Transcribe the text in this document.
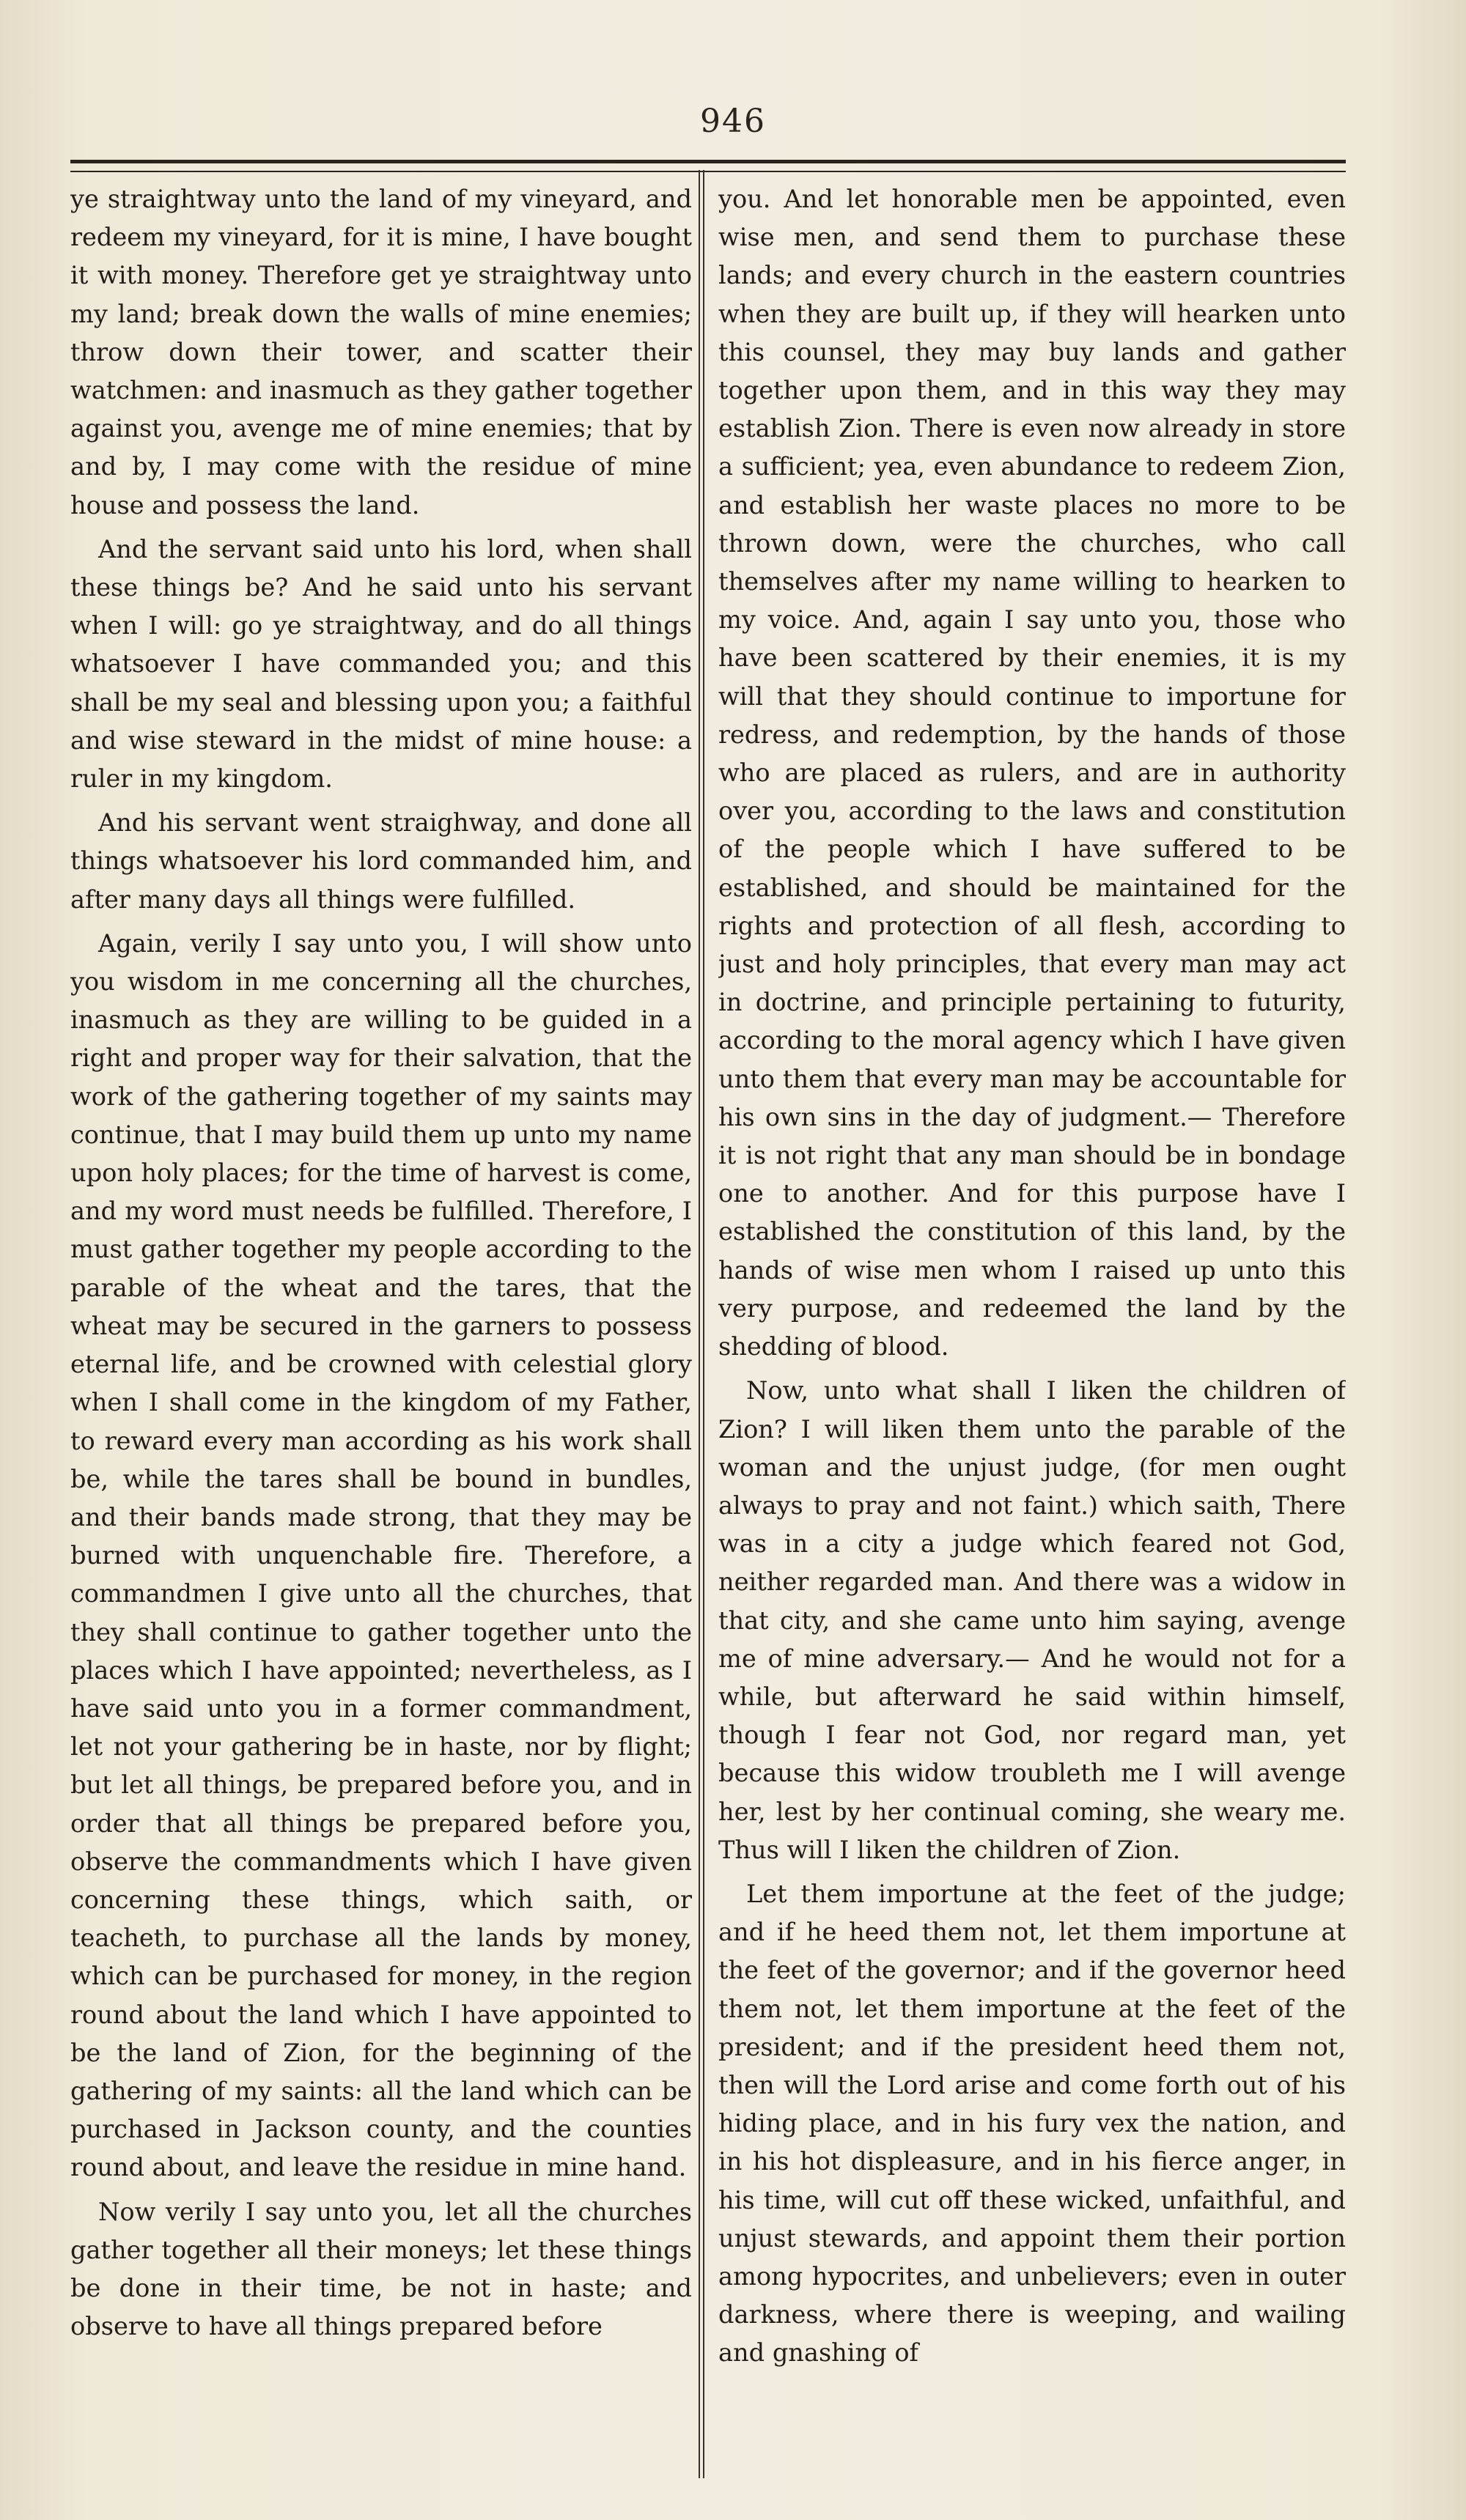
946

ye straightway unto the land of my vineyard, and redeem my vineyard, for it is mine, I have bought it with money. Therefore get ye straightway unto my land; break down the walls of mine enemies; throw down their tower, and scatter their watchmen: and inasmuch as they gather together against you, avenge me of mine enemies; that by and by, I may come with the residue of mine house and possess the land.

And the servant said unto his lord, when shall these things be? And he said unto his servant when I will: go ye straightway, and do all things whatsoever I have commanded you; and this shall be my seal and blessing upon you; a faithful and wise steward in the midst of mine house: a ruler in my kingdom.

And his servant went straighway, and done all things whatsoever his lord commanded him, and after many days all things were fulfilled.

Again, verily I say unto you, I will show unto you wisdom in me concerning all the churches, inasmuch as they are willing to be guided in a right and proper way for their salvation, that the work of the gathering together of my saints may continue, that I may build them up unto my name upon holy places; for the time of harvest is come, and my word must needs be fulfilled. Therefore, I must gather together my people according to the parable of the wheat and the tares, that the wheat may be secured in the garners to possess eternal life, and be crowned with celestial glory when I shall come in the kingdom of my Father, to reward every man according as his work shall be, while the tares shall be bound in bundles, and their bands made strong, that they may be burned with unquenchable fire. Therefore, a commandmen I give unto all the churches, that they shall continue to gather together unto the places which I have appointed; nevertheless, as I have said unto you in a former commandment, let not your gathering be in haste, nor by flight; but let all things, be prepared before you, and in order that all things be prepared before you, observe the commandments which I have given concerning these things, which saith, or teacheth, to purchase all the lands by money, which can be purchased for money, in the region round about the land which I have appointed to be the land of Zion, for the beginning of the gathering of my saints: all the land which can be purchased in Jackson county, and the counties round about, and leave the residue in mine hand.

Now verily I say unto you, let all the churches gather together all their moneys; let these things be done in their time, be not in haste; and observe to have all things prepared before

you. And let honorable men be appointed, even wise men, and send them to purchase these lands; and every church in the eastern countries when they are built up, if they will hearken unto this counsel, they may buy lands and gather together upon them, and in this way they may establish Zion. There is even now already in store a sufficient; yea, even abundance to redeem Zion, and establish her waste places no more to be thrown down, were the churches, who call themselves after my name willing to hearken to my voice. And, again I say unto you, those who have been scattered by their enemies, it is my will that they should continue to importune for redress, and redemption, by the hands of those who are placed as rulers, and are in authority over you, according to the laws and constitution of the people which I have suffered to be established, and should be maintained for the rights and protection of all flesh, according to just and holy principles, that every man may act in doctrine, and principle pertaining to futurity, according to the moral agency which I have given unto them that every man may be accountable for his own sins in the day of judgment.— Therefore it is not right that any man should be in bondage one to another. And for this purpose have I established the constitution of this land, by the hands of wise men whom I raised up unto this very purpose, and redeemed the land by the shedding of blood.

Now, unto what shall I liken the children of Zion? I will liken them unto the parable of the woman and the unjust judge, (for men ought always to pray and not faint.) which saith, There was in a city a judge which feared not God, neither regarded man. And there was a widow in that city, and she came unto him saying, avenge me of mine adversary.— And he would not for a while, but afterward he said within himself, though I fear not God, nor regard man, yet because this widow troubleth me I will avenge her, lest by her continual coming, she weary me. Thus will I liken the children of Zion.

Let them importune at the feet of the judge; and if he heed them not, let them importune at the feet of the governor; and if the governor heed them not, let them importune at the feet of the president; and if the president heed them not, then will the Lord arise and come forth out of his hiding place, and in his fury vex the nation, and in his hot displeasure, and in his fierce anger, in his time, will cut off these wicked, unfaithful, and unjust stewards, and appoint them their portion among hypocrites, and unbelievers; even in outer darkness, where there is weeping, and wailing and gnashing of
